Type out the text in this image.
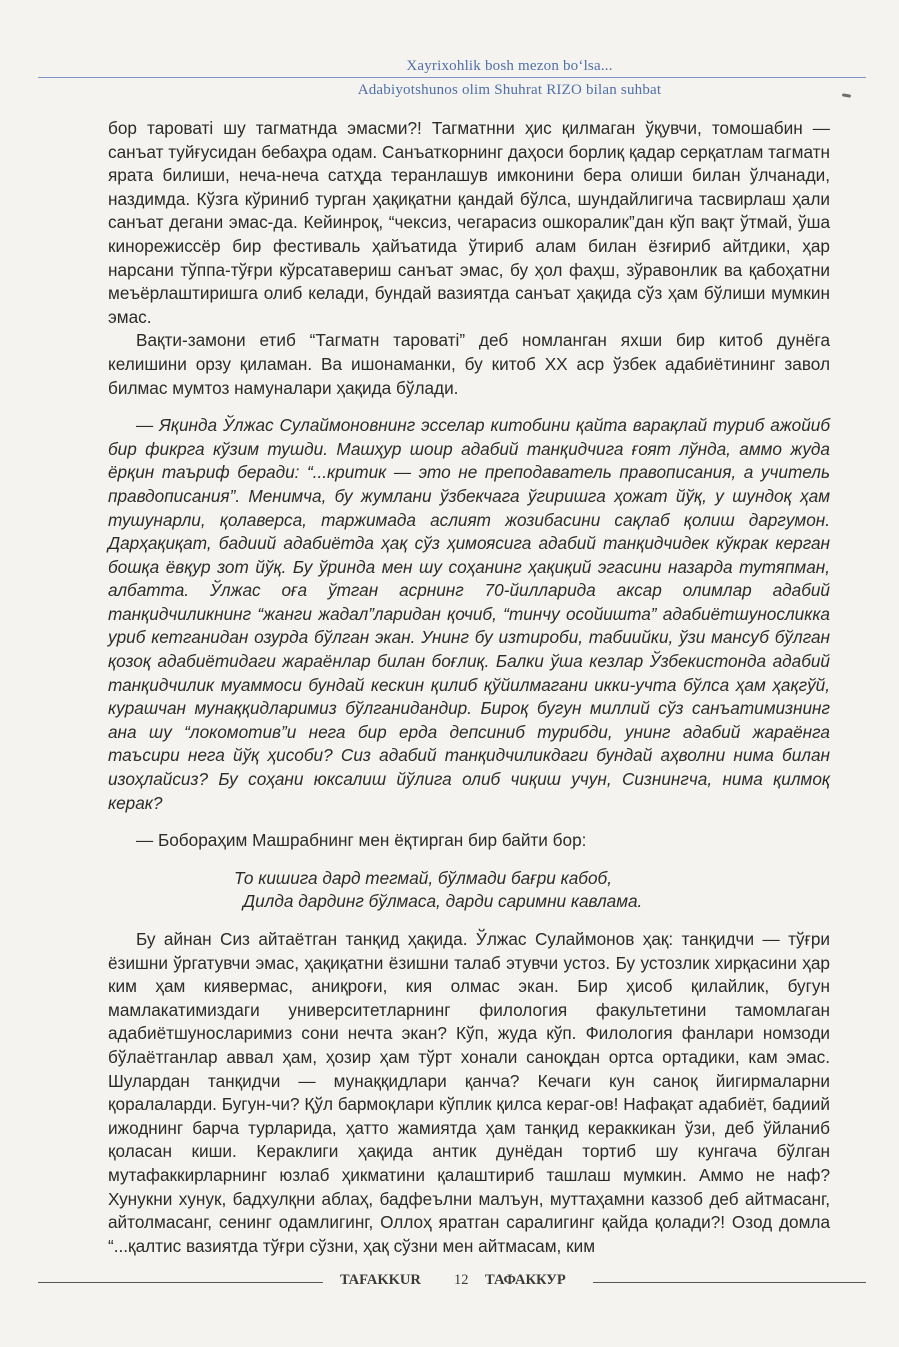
Xayrixohlik bosh mezon bo‘lsa...
Adabiyotshunos olim Shuhrat RIZO bilan suhbat

бор тароватi шу тагматнда эмасми?! Тагматнни ҳис қилмаган ўқувчи, томошабин — санъат туйғусидан бебаҳра одам. Санъаткорнинг даҳоси борлиқ қадар серқатлам тагматн ярата билиши, неча-неча сатҳда теранлашув имконини бера олиши билан ўлчанади, наздимда. Кўзга кўриниб турган ҳақиқатни қандай бўлса, шундайлигича тасвирлаш ҳали санъат дегани эмас-да. Кейинроқ, “чексиз, чегарасиз ошкоралик”дан кўп вақт ўтмай, ўша кинорежиссёр бир фестиваль ҳайъатида ўтириб алам билан ёзғириб айтдики, ҳар нарсани тўппа-тўғри кўрсатавериш санъат эмас, бу ҳол фаҳш, зўравонлик ва қабоҳатни меъёрлаштиришга олиб келади, бундай вазиятда санъат ҳақида сўз ҳам бўлиши мумкин эмас.

Вақти-замони етиб “Тагматн тароватi” деб номланган яхши бир китоб дунёга келишини орзу қиламан. Ва ишонаманки, бу китоб XX аср ўзбек адабиётининг завол билмас мумтоз намуналари ҳақида бўлади.

— Яқинда Ўлжас Сулаймоновнинг эсселар китобини қайта варақлай туриб ажойиб бир фикрга кўзим тушди. Машҳур шоир адабий танқидчига ғоят лўнда, аммо жуда ёрқин таъриф беради: “...критик — это не преподаватель правописания, а учитель правдописания”. Менимча, бу жумлани ўзбекчага ўгиришга ҳожат йўқ, у шундоқ ҳам тушунарли, қолаверса, таржимада аслият жозибасини сақлаб қолиш даргумон. Дарҳақиқат, бадиий адабиётда ҳақ сўз ҳимоясига адабий танқидчидек кўкрак керган бошқа ёвқур зот йўқ. Бу ўринда мен шу соҳанинг ҳақиқий эгасини назарда тутяпман, албатта. Ўлжас оға ўтган асрнинг 70-йилларида аксар олимлар адабий танқидчиликнинг “жанги жадал”ларидан қочиб, “тинчу осойишта” адабиётшуносликка уриб кетганидан озурда бўлган экан. Унинг бу изтироби, табиийки, ўзи мансуб бўлган қозоқ адабиётидаги жараёнлар билан боғлиқ. Балки ўша кезлар Ўзбекистонда адабий танқидчилик муаммоси бундай кескин қилиб қўйилмагани икки-учта бўлса ҳам ҳақгўй, курашчан мунаққидларимиз бўлганидандир. Бироқ бугун миллий сўз санъатимизнинг ана шу “локомотив”и нега бир ерда депсиниб турибди, унинг адабий жараёнга таъсири нега йўқ ҳисоби? Сиз адабий танқидчиликдаги бундай аҳволни нима билан изоҳлайсиз? Бу соҳани юксалиш йўлига олиб чиқиш учун, Сизнингча, нима қилмоқ керак?

— Бобораҳим Машрабнинг мен ёқтирган бир байти бор:

То кишига дард тегмай, бўлмади бағри кабоб,
Дилда дардинг бўлмаса, дарди саримни кавлама.

Бу айнан Сиз айтаётган танқид ҳақида. Ўлжас Сулаймонов ҳақ: танқидчи — тўғри ёзишни ўргатувчи эмас, ҳақиқатни ёзишни талаб этувчи устоз. Бу устозлик хирқасини ҳар ким ҳам киявермас, аниқроғи, кия олмас экан. Бир ҳисоб қилайлик, бугун мамлакатимиздаги университетларнинг филология факультетини тамомлаган адабиётшуносларимиз сони нечта экан? Кўп, жуда кўп. Филология фанлари номзоди бўлаётганлар аввал ҳам, ҳозир ҳам тўрт хонали саноқдан ортса ортадики, кам эмас. Шулардан танқидчи — мунаққидлари қанча? Кечаги кун саноқ йигирмаларни қоралаларди. Бугун-чи? Қўл бармоқлари кўплик қилса кераг-ов! Нафақат адабиёт, бадиий ижоднинг барча турларида, ҳатто жамиятда ҳам танқид кераккикан ўзи, деб ўйланиб қоласан киши. Кераклиги ҳақида антик дунёдан тортиб шу кунгача бўлган мутафаккирларнинг юзлаб ҳикматини қалаштириб ташлаш мумкин. Аммо не наф? Хунукни хунук, бадхулқни аблаҳ, бадфеълни малъун, муттаҳамни каззоб деб айтмасанг, айтолмасанг, сенинг одамлигинг, Оллоҳ яратган саралигинг қайда қолади?! Озод домла “...қалтис вазиятда тўғри сўзни, ҳақ сўзни мен айтмасам, ким

TAFAKKUR 12 ТАФАККУР
